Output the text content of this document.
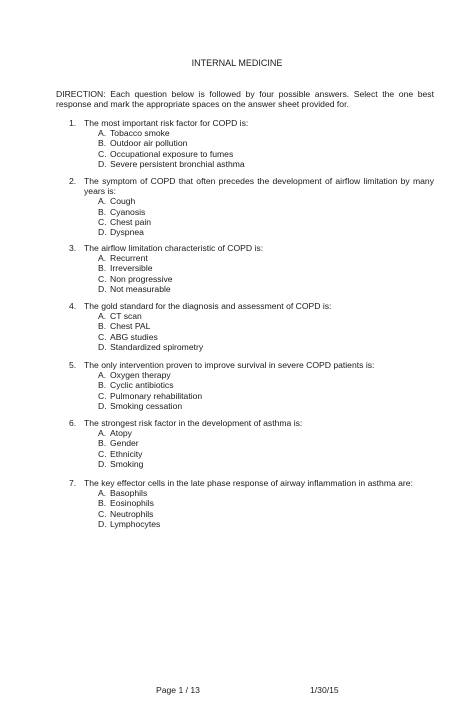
INTERNAL MEDICINE
DIRECTION: Each question below is followed by four possible answers. Select the one best response and mark the appropriate spaces on the answer sheet provided for.
1. The most important risk factor for COPD is:
A. Tobacco smoke
B. Outdoor air pollution
C. Occupational exposure to fumes
D. Severe persistent bronchial asthma
2. The symptom of COPD that often precedes the development of airflow limitation by many years is:
A. Cough
B. Cyanosis
C. Chest pain
D. Dyspnea
3. The airflow limitation characteristic of COPD is:
A. Recurrent
B. Irreversible
C. Non progressive
D. Not measurable
4. The gold standard for the diagnosis and assessment of COPD is:
A. CT scan
B. Chest PAL
C. ABG studies
D. Standardized spirometry
5. The only intervention proven to improve survival in severe COPD patients is:
A. Oxygen therapy
B. Cyclic antibiotics
C. Pulmonary rehabilitation
D. Smoking cessation
6. The strongest risk factor in the development of asthma is:
A. Atopy
B. Gender
C. Ethnicity
D. Smoking
7. The key effector cells in the late phase response of airway inflammation in asthma are:
A. Basophils
B. Eosinophils
C. Neutrophils
D. Lymphocytes
Page 1 / 13	1/30/15
